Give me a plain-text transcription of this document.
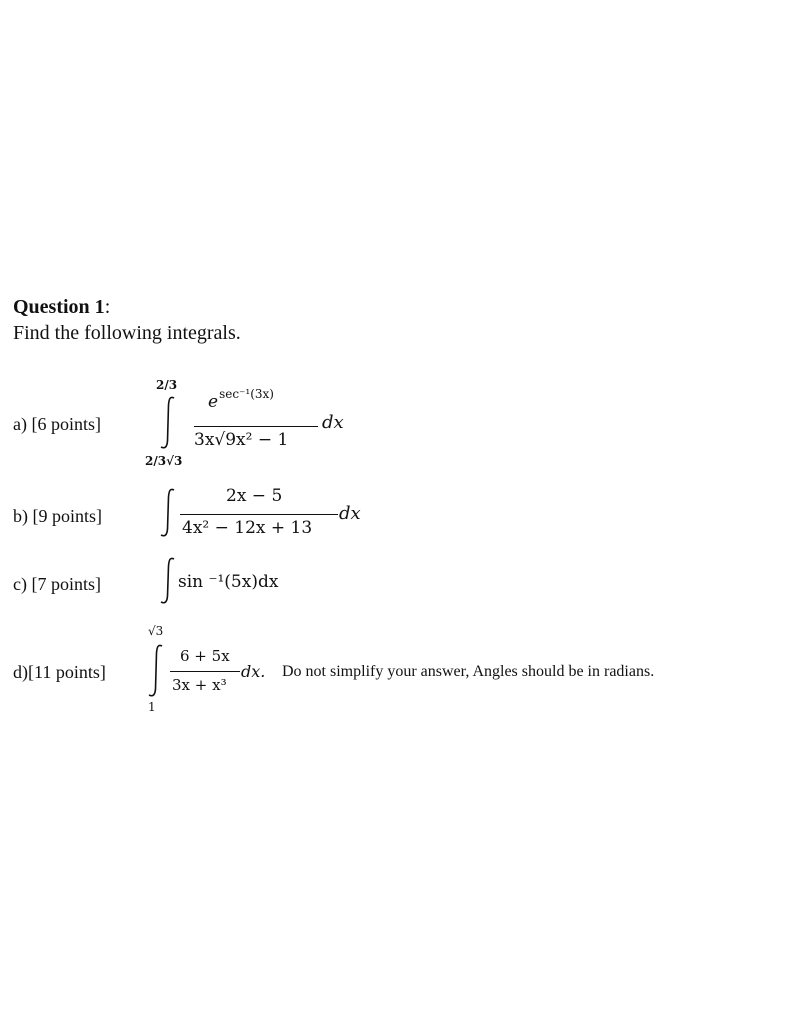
Question 1:
Find the following integrals.
a) [6 points]
2/3
2/3√3
$e^{sec^{-1}(3x)}$
3x√9x² − 1
dx
b) [9 points]
2x − 5
4x² − 12x + 13
dx
c) [7 points]	sin ⁻¹(5x)dx
d)[11 points]
√3
1
6 + 5x
3x + x³
dx. Do not simplify your answer, Angles should be in radians.
